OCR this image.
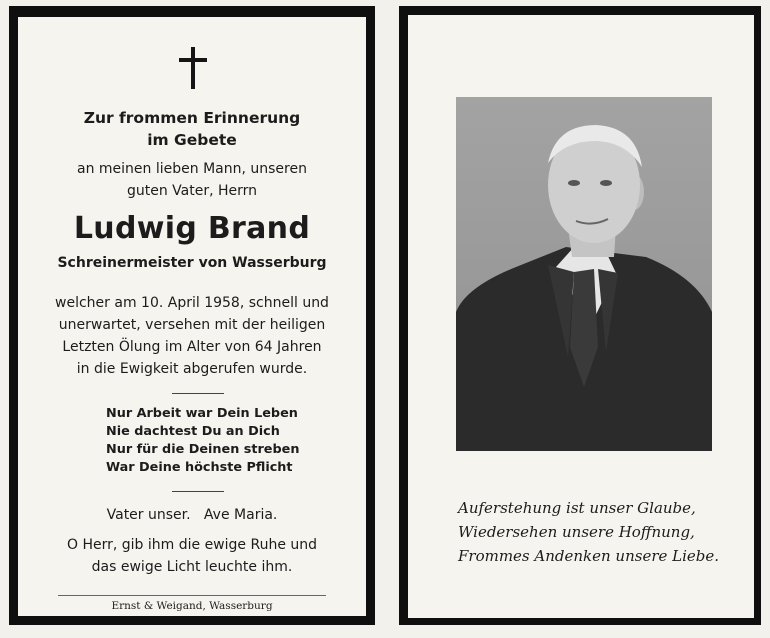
Zur frommen Erinnerung
im Gebete
an meinen lieben Mann, unseren
guten Vater, Herrn
Ludwig Brand
Schreinermeister von Wasserburg
welcher am 10. April 1958, schnell und
unerwartet, versehen mit der heiligen
Letzten Ölung im Alter von 64 Jahren
in die Ewigkeit abgerufen wurde.
Nur Arbeit war Dein Leben
Nie dachtest Du an Dich
Nur für die Deinen streben
War Deine höchste Pflicht
Vater unser.   Ave Maria.
O Herr, gib ihm die ewige Ruhe und
das ewige Licht leuchte ihm.
Ernst & Weigand, Wasserburg
Auferstehung ist unser Glaube,
Wiedersehen unsere Hoffnung,
Frommes Andenken unsere Liebe.
